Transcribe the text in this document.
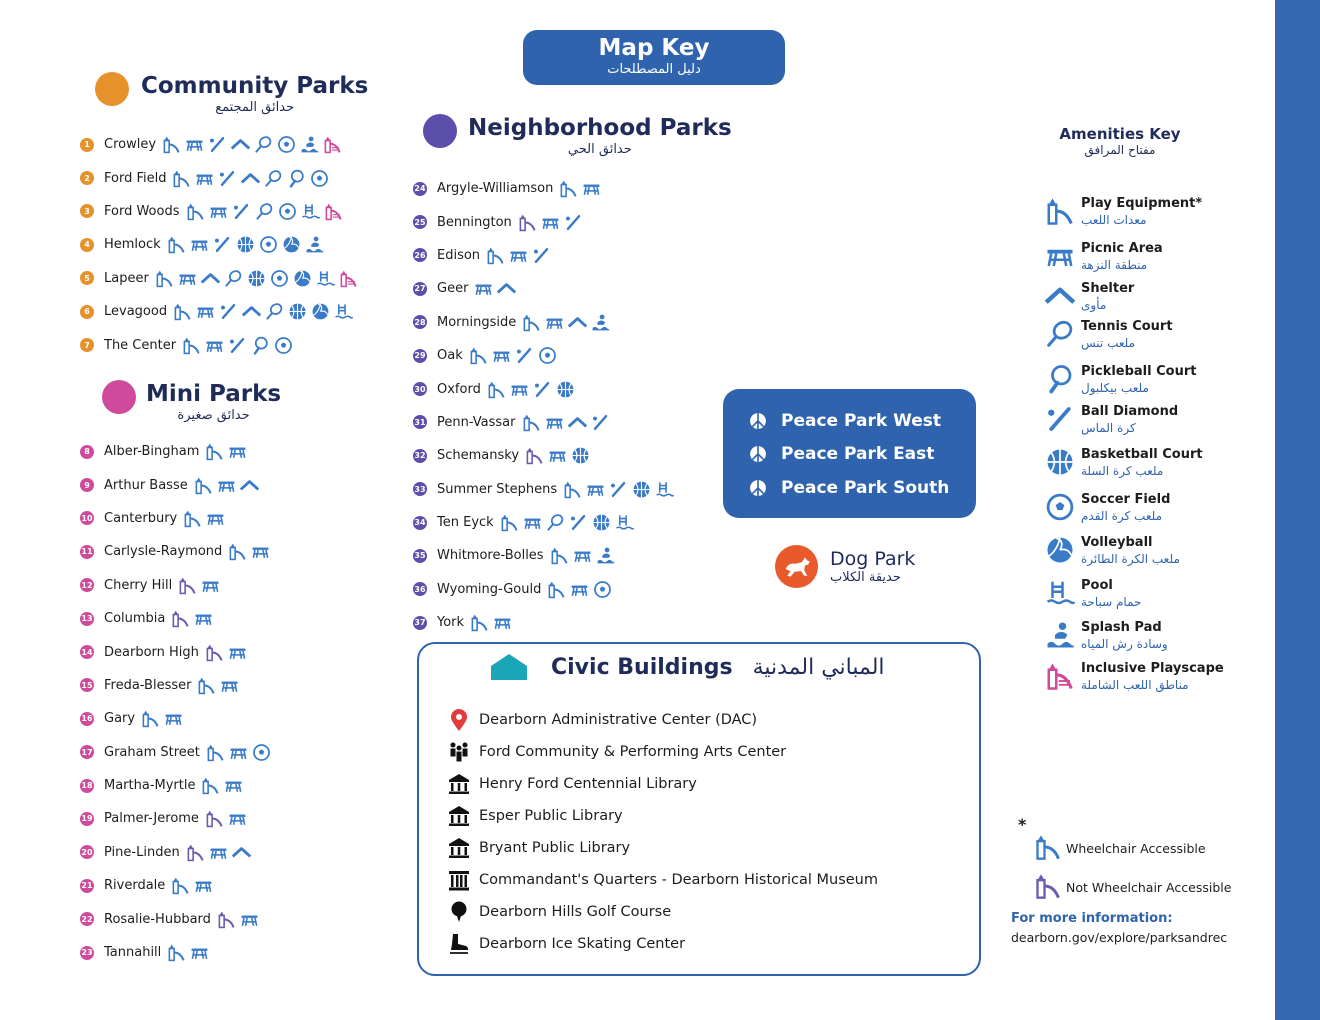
Map Key
دليل المصطلحات
Community Parks
حدائق المجتمع
1	Crowley
2	Ford Field
3	Ford Woods
4	Hemlock
5	Lapeer
6	Levagood
7	The Center
Mini Parks
حدائق صغيرة
8	Alber-Bingham
9	Arthur Basse
10 Canterbury
11 Carlysle-Raymond
12 Cherry Hill
13 Columbia
14 Dearborn High
15 Freda-Blesser
16 Gary
17 Graham Street
18 Martha-Myrtle
19 Palmer-Jerome
20 Pine-Linden
21 Riverdale
22 Rosalie-Hubbard
23 Tannahill
Neighborhood Parks
حدائق الحي
24 Argyle-Williamson
25 Bennington
26 Edison
27 Geer
28 Morningside
29 Oak
30 Oxford
31 Penn-Vassar
32 Schemansky
33 Summer Stephens
34 Ten Eyck
35 Whitmore-Bolles
36 Wyoming-Gould
37 York
Peace Park West
Peace Park East
Peace Park South
Dog Park
حديقة الكلاب
Civic Buildings المباني المدنية
Dearborn Administrative Center (DAC)
Ford Community & Performing Arts Center
Henry Ford Centennial Library
Esper Public Library
Bryant Public Library
Commandant's Quarters - Dearborn Historical Museum
Dearborn Hills Golf Course
Dearborn Ice Skating Center
Amenities Key
مفتاح المرافق
Play Equipment*
معدات اللعب
Picnic Area
منطقة النزهة
Shelter
مأوى
Tennis Court
ملعب تنس
Pickleball Court
ملعب بيكلبول
Ball Diamond
كرة الماس
Basketball Court
ملعب كرة السلة
Soccer Field
ملعب كرة القدم
Volleyball
ملعب الكرة الطائرة
Pool
حمام سباحة
Splash Pad
وسادة رش المياه
Inclusive Playscape
مناطق اللعب الشاملة
*
Wheelchair Accessible
Not Wheelchair Accessible
For more information:
dearborn.gov/explore/parksandrec
